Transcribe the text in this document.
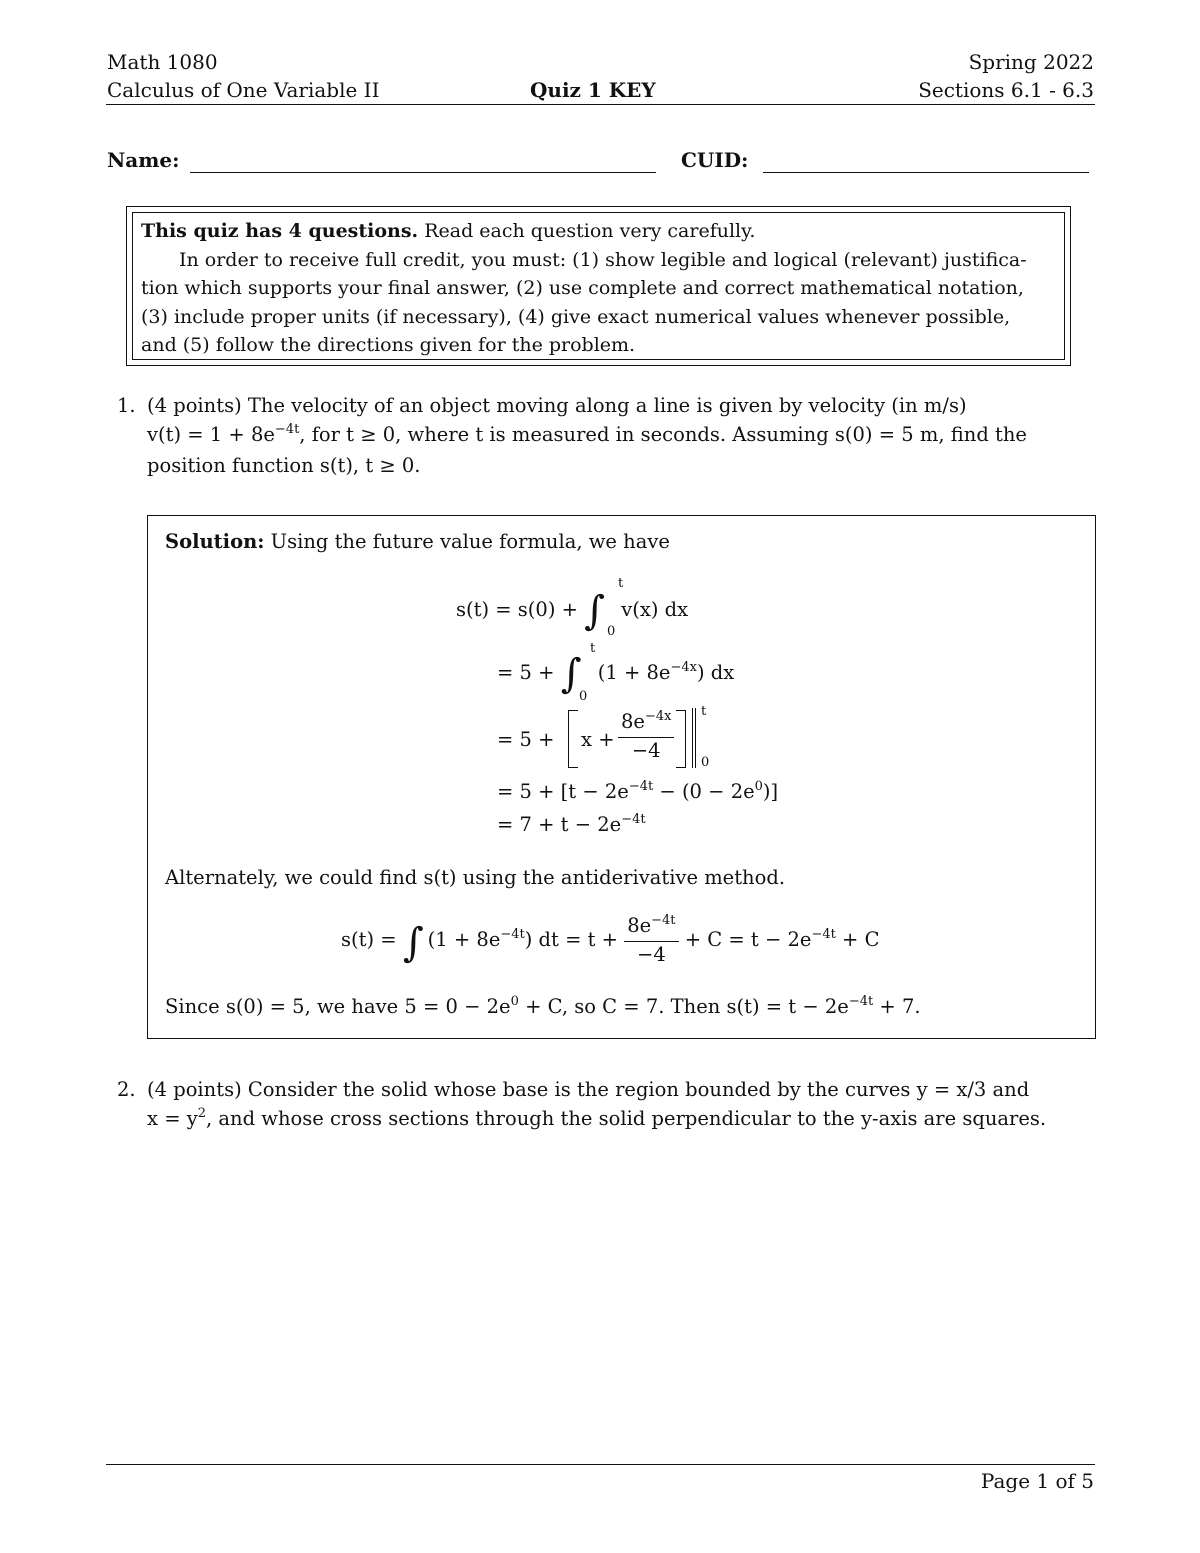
Math 1080
Calculus of One Variable II	Quiz 1 KEY
Spring 2022
Sections 6.1 - 6.3
Name:	CUID:
This quiz has 4 questions. Read each question very carefully.
In order to receive full credit, you must: (1) show legible and logical (relevant) justifica-
tion which supports your final answer, (2) use complete and correct mathematical notation,
(3) include proper units (if necessary), (4) give exact numerical values whenever possible,
and (5) follow the directions given for the problem.
1. (4 points) The velocity of an object moving along a line is given by velocity (in m/s)
$v(t) = 1 + 8e^{-4t}$, for t ≥ 0, where t is measured in seconds. Assuming s(0) = 5 m, find the
position function s(t), t ≥ 0.
Solution: Using the future value formula, we have
s(t) = s(0) + ∫ v(x) dx
t
0
= 5 + ∫ $(1 + 8e^{-4x})$ dx
t
0
= $5 + x + \frac{8e^{-4x}}{-4}$ t
0
= $5 + [t - 2e^{-4t} - (0 - 2e^0)]$
= $7 + t - 2e^{-4t}$
Alternately, we could find s(t) using the antiderivative method.
s(t) = ∫ $(1 + 8e^{-4t})$ dt = $t + \frac{8e^{-4t}}{-4} + C = t - 2e^{-4t} + C$
Since s(0) = 5, we have $5 = 0 - 2e^0 + C$, so C = 7. Then $s(t) = t - 2e^{-4t} + 7$.
2. (4 points) Consider the solid whose base is the region bounded by the curves y = x/3 and
$x = y^2$, and whose cross sections through the solid perpendicular to the y-axis are squares.
Page 1 of 5
